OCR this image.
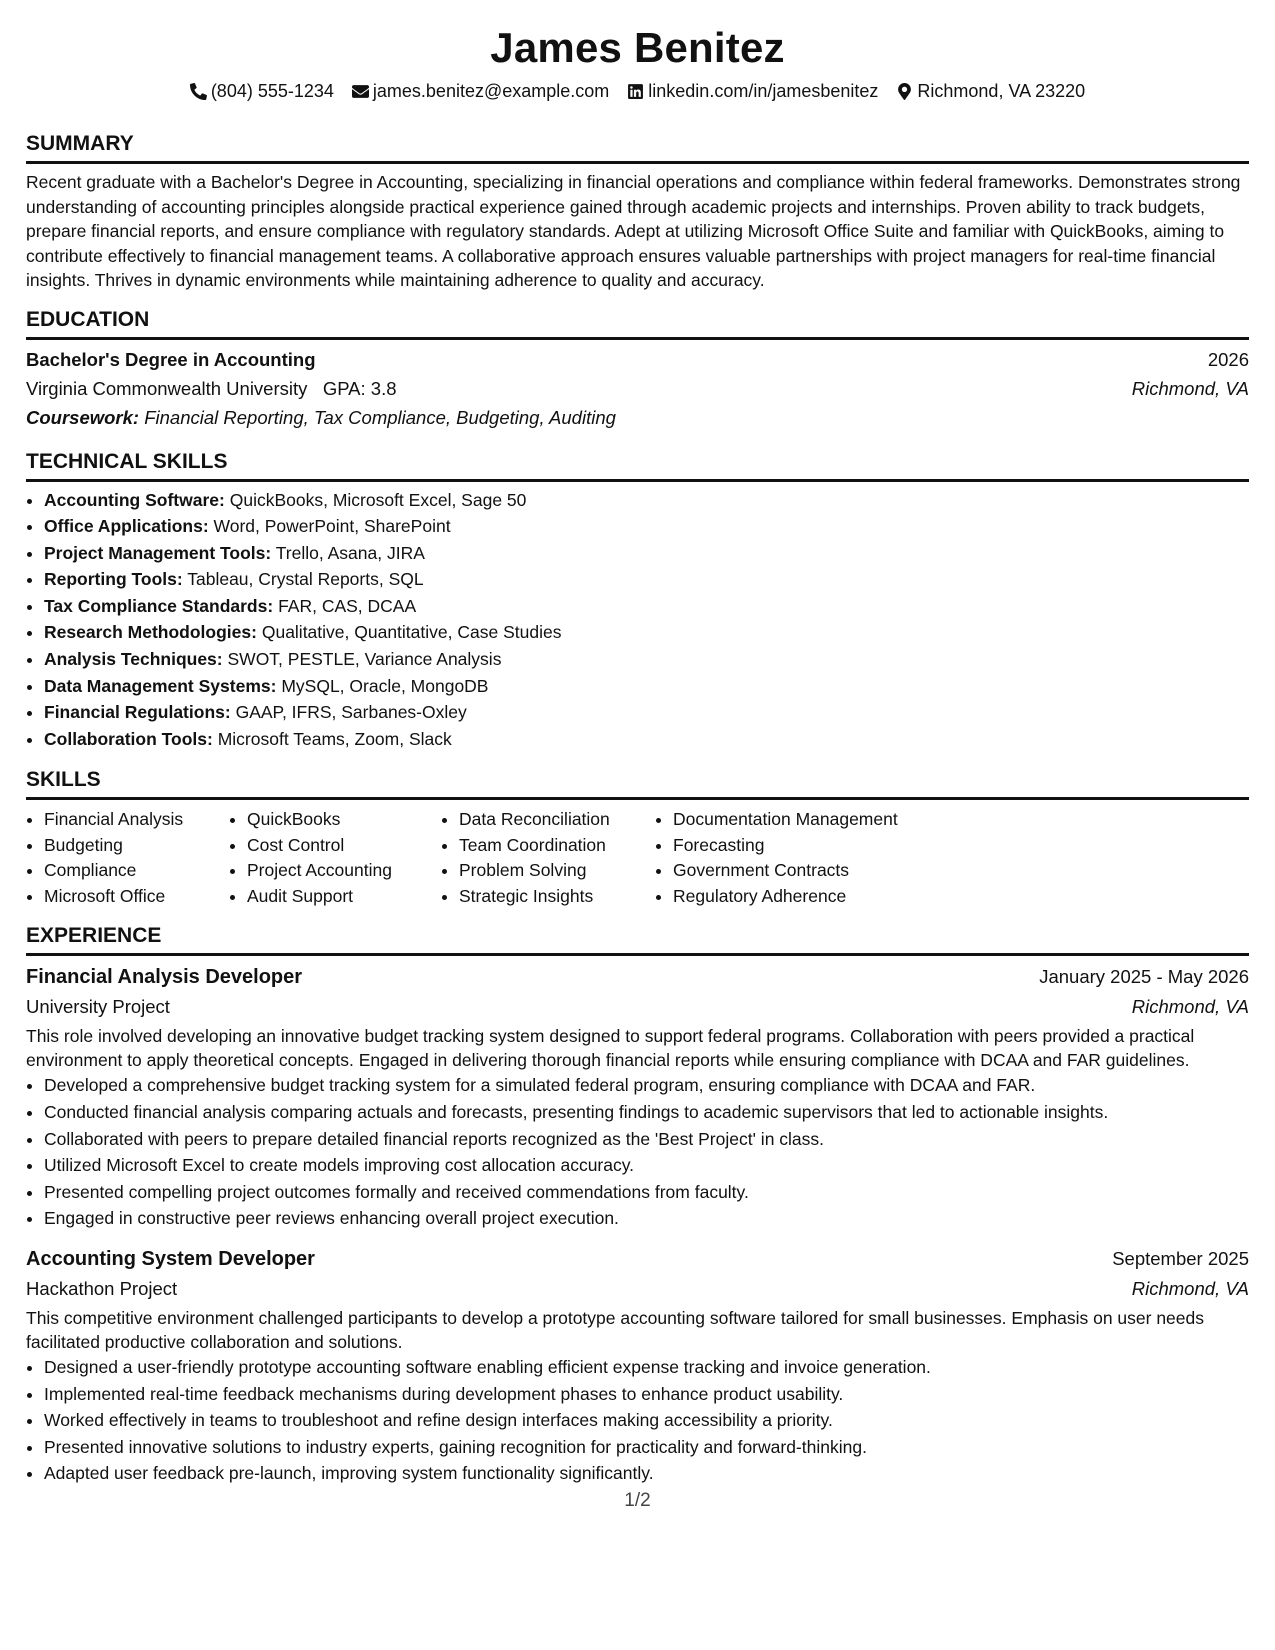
James Benitez
(804) 555-1234 james.benitez@example.com linkedin.com/in/jamesbenitez Richmond, VA 23220
SUMMARY

Recent graduate with a Bachelor's Degree in Accounting, specializing in financial operations and compliance within federal frameworks. Demonstrates strong understanding of accounting principles alongside practical experience gained through academic projects and internships. Proven ability to track budgets, prepare financial reports, and ensure compliance with regulatory standards. Adept at utilizing Microsoft Office Suite and familiar with QuickBooks, aiming to contribute effectively to financial management teams. A collaborative approach ensures valuable partnerships with project managers for real-time financial insights. Thrives in dynamic environments while maintaining adherence to quality and accuracy.

EDUCATION
Bachelor's Degree in Accounting	2026
Virginia Commonwealth University GPA: 3.8	Richmond, VA
Coursework: Financial Reporting, Tax Compliance, Budgeting, Auditing
TECHNICAL SKILLS
• Accounting Software: QuickBooks, Microsoft Excel, Sage 50
• Office Applications: Word, PowerPoint, SharePoint
• Project Management Tools: Trello, Asana, JIRA
• Reporting Tools: Tableau, Crystal Reports, SQL
• Tax Compliance Standards: FAR, CAS, DCAA
• Research Methodologies: Qualitative, Quantitative, Case Studies
• Analysis Techniques: SWOT, PESTLE, Variance Analysis
• Data Management Systems: MySQL, Oracle, MongoDB
• Financial Regulations: GAAP, IFRS, Sarbanes-Oxley
• Collaboration Tools: Microsoft Teams, Zoom, Slack
SKILLS
• Financial Analysis
• Budgeting
• Compliance
• Microsoft Office
• QuickBooks
• Cost Control
• Project Accounting
• Audit Support
• Data Reconciliation
• Team Coordination
• Problem Solving
• Strategic Insights
• Documentation Management
• Forecasting
• Government Contracts
• Regulatory Adherence
EXPERIENCE
Financial Analysis Developer	January 2025 - May 2026
University Project	Richmond, VA

This role involved developing an innovative budget tracking system designed to support federal programs. Collaboration with peers provided a practical environment to apply theoretical concepts. Engaged in delivering thorough financial reports while ensuring compliance with DCAA and FAR guidelines.

• Developed a comprehensive budget tracking system for a simulated federal program, ensuring compliance with DCAA and FAR.
• Conducted financial analysis comparing actuals and forecasts, presenting findings to academic supervisors that led to actionable insights.
• Collaborated with peers to prepare detailed financial reports recognized as the 'Best Project' in class.
• Utilized Microsoft Excel to create models improving cost allocation accuracy.
• Presented compelling project outcomes formally and received commendations from faculty.
• Engaged in constructive peer reviews enhancing overall project execution.
Accounting System Developer	September 2025
Hackathon Project	Richmond, VA

This competitive environment challenged participants to develop a prototype accounting software tailored for small businesses. Emphasis on user needs facilitated productive collaboration and solutions.

• Designed a user-friendly prototype accounting software enabling efficient expense tracking and invoice generation.
• Implemented real-time feedback mechanisms during development phases to enhance product usability.
• Worked effectively in teams to troubleshoot and refine design interfaces making accessibility a priority.
• Presented innovative solutions to industry experts, gaining recognition for practicality and forward-thinking.
• Adapted user feedback pre-launch, improving system functionality significantly.
1/2
